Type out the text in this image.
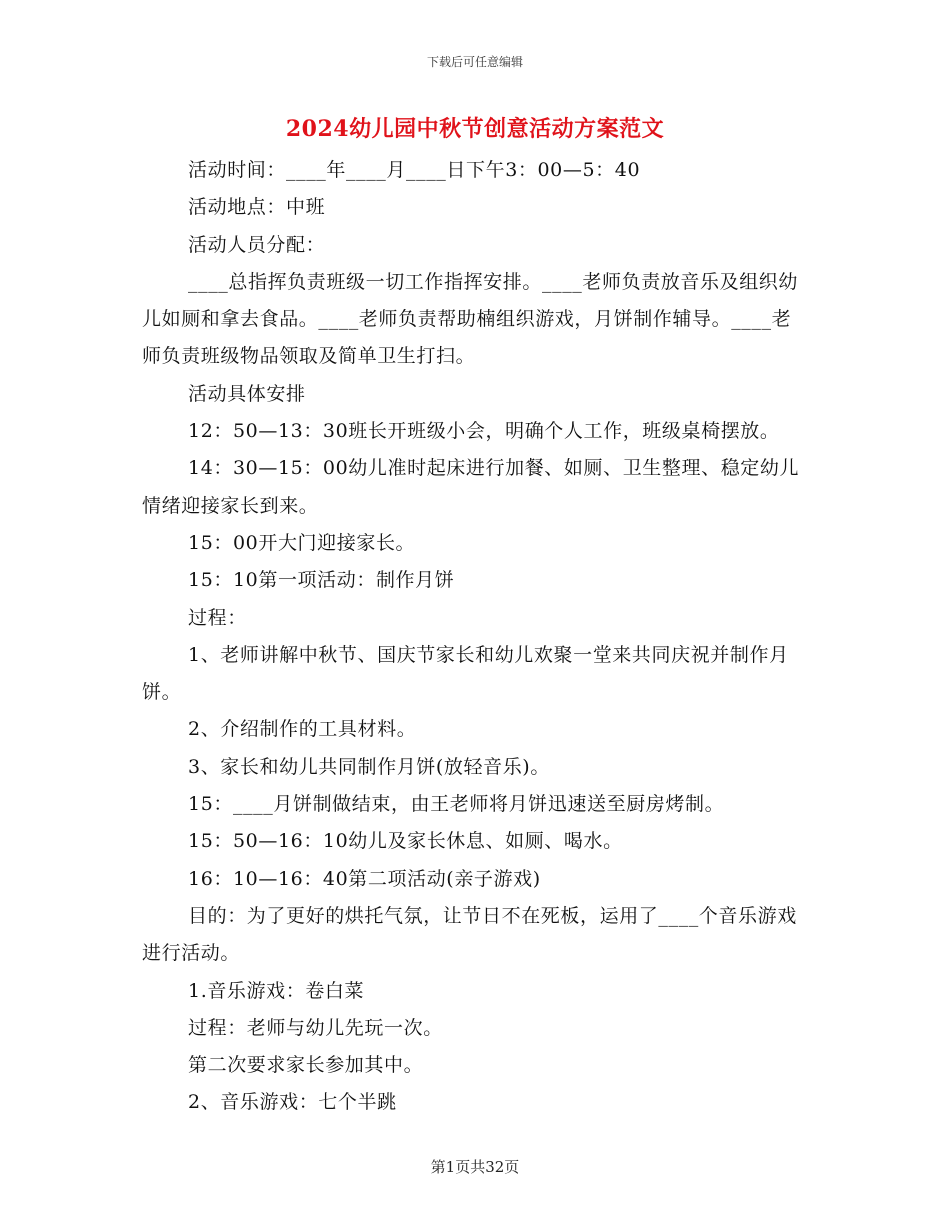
下载后可任意编辑
2024幼儿园中秋节创意活动方案范文

活动时间：____年____月____日下午3：00—5：40

活动地点：中班

活动人员分配：

____总指挥负责班级一切工作指挥安排。____老师负责放音乐及组织幼儿如厕和拿去食品。____老师负责帮助楠组织游戏，月饼制作辅导。____老师负责班级物品领取及简单卫生打扫。

活动具体安排

12：50—13：30班长开班级小会，明确个人工作，班级桌椅摆放。

14：30—15：00幼儿准时起床进行加餐、如厕、卫生整理、稳定幼儿情绪迎接家长到来。

15：00开大门迎接家长。

15：10第一项活动：制作月饼

过程：

1、老师讲解中秋节、国庆节家长和幼儿欢聚一堂来共同庆祝并制作月饼。

2、介绍制作的工具材料。

3、家长和幼儿共同制作月饼(放轻音乐)。

15：____月饼制做结束，由王老师将月饼迅速送至厨房烤制。

15：50—16：10幼儿及家长休息、如厕、喝水。

16：10—16：40第二项活动(亲子游戏)

目的：为了更好的烘托气氛，让节日不在死板，运用了____个音乐游戏进行活动。

1.音乐游戏：卷白菜

过程：老师与幼儿先玩一次。

第二次要求家长参加其中。

2、音乐游戏：七个半跳

第1页共32页
